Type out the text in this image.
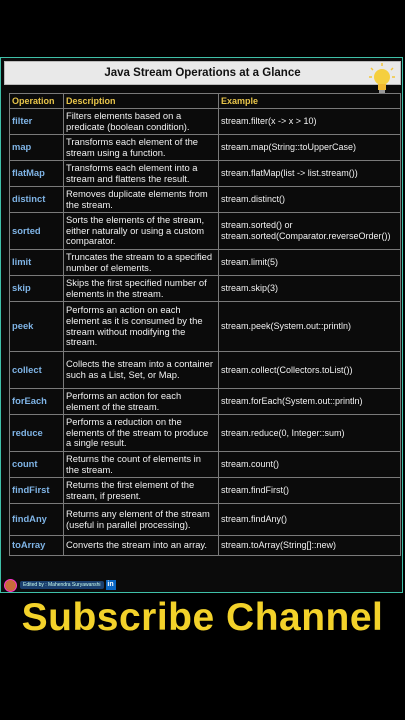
Java Stream Operations at a Glance
Operation	Description	Example
filter	Filters elements based on a predicate (boolean condition).	stream.filter(x -> x > 10)
map	Transforms each element of the stream using a function.	stream.map(String::toUpperCase)
flatMap	Transforms each element into a stream and flattens the result.	stream.flatMap(list -> list.stream())
distinct	Removes duplicate elements from the stream.	stream.distinct()
sorted	Sorts the elements of the stream, either naturally or using a custom comparator.	stream.sorted() or stream.sorted(Comparator.reverseOrder())
limit	Truncates the stream to a specified number of elements.	stream.limit(5)
skip	Skips the first specified number of elements in the stream.	stream.skip(3)
peek	Performs an action on each element as it is consumed by the stream without modifying the stream.	stream.peek(System.out::println)
collect	Collects the stream into a container such as a List, Set, or Map.	stream.collect(Collectors.toList())
forEach	Performs an action for each element of the stream.	stream.forEach(System.out::println)
reduce	Performs a reduction on the elements of the stream to produce a single result.	stream.reduce(0, Integer::sum)
count	Returns the count of elements in the stream.	stream.count()
findFirst	Returns the first element of the stream, if present.	stream.findFirst()
findAny	Returns any element of the stream (useful in parallel processing).	stream.findAny()
toArray	Converts the stream into an array.	stream.toArray(String[]::new)
Edited by : Mahendra Suryawanshi in
Subscribe Channel
